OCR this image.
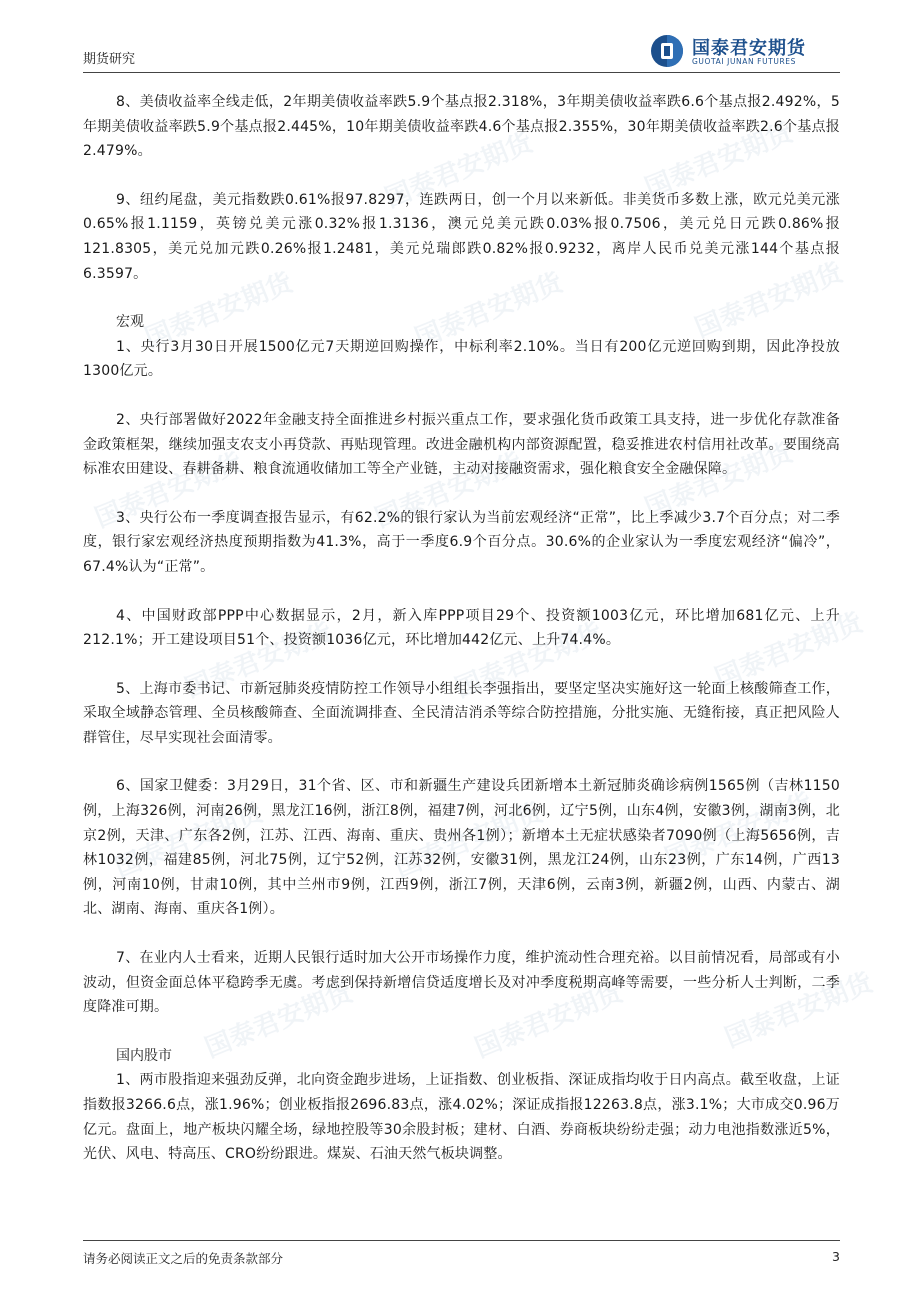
国泰君安期货	国泰君安期货
国泰君安期货	国泰君安期货	国泰君安期货
国泰君安期货	国泰君安期货	国泰君安期货
国泰君安期货	国泰君安期货	国泰君安期货
国泰君安期货	国泰君安期货	国泰君安期货
国泰君安期货	国泰君安期货	国泰君安期货
期货研究
国泰君安期货
GUOTAI JUNAN FUTURES

8、美债收益率全线走低，2年期美债收益率跌5.9个基点报2.318%，3年期美债收益率跌6.6个基点报2.492%，5年期美债收益率跌5.9个基点报2.445%，10年期美债收益率跌4.6个基点报2.355%，30年期美债收益率跌2.6个基点报2.479%。

9、纽约尾盘，美元指数跌0.61%报97.8297，连跌两日，创一个月以来新低。非美货币多数上涨，欧元兑美元涨0.65%报1.1159，英镑兑美元涨0.32%报1.3136，澳元兑美元跌0.03%报0.7506，美元兑日元跌0.86%报121.8305，美元兑加元跌0.26%报1.2481，美元兑瑞郎跌0.82%报0.9232，离岸人民币兑美元涨144个基点报6.3597。

宏观

1、央行3月30日开展1500亿元7天期逆回购操作，中标利率2.10%。当日有200亿元逆回购到期，因此净投放1300亿元。

2、央行部署做好2022年金融支持全面推进乡村振兴重点工作，要求强化货币政策工具支持，进一步优化存款准备金政策框架，继续加强支农支小再贷款、再贴现管理。改进金融机构内部资源配置，稳妥推进农村信用社改革。要围绕高标准农田建设、春耕备耕、粮食流通收储加工等全产业链，主动对接融资需求，强化粮食安全金融保障。

3、央行公布一季度调查报告显示，有62.2%的银行家认为当前宏观经济“正常”，比上季减少3.7个百分点；对二季度，银行家宏观经济热度预期指数为41.3%，高于一季度6.9个百分点。30.6%的企业家认为一季度宏观经济“偏冷”，67.4%认为“正常”。

4、中国财政部PPP中心数据显示，2月，新入库PPP项目29个、投资额1003亿元，环比增加681亿元、上升212.1%；开工建设项目51个、投资额1036亿元，环比增加442亿元、上升74.4%。

5、上海市委书记、市新冠肺炎疫情防控工作领导小组组长李强指出，要坚定坚决实施好这一轮面上核酸筛查工作，采取全域静态管理、全员核酸筛查、全面流调排查、全民清洁消杀等综合防控措施，分批实施、无缝衔接，真正把风险人群管住，尽早实现社会面清零。

6、国家卫健委：3月29日，31个省、区、市和新疆生产建设兵团新增本土新冠肺炎确诊病例1565例（吉林1150例，上海326例，河南26例，黑龙江16例，浙江8例，福建7例，河北6例，辽宁5例，山东4例，安徽3例，湖南3例，北京2例，天津、广东各2例，江苏、江西、海南、重庆、贵州各1例）；新增本土无症状感染者7090例（上海5656例，吉林1032例，福建85例，河北75例，辽宁52例，江苏32例，安徽31例，黑龙江24例，山东23例，广东14例，广西13例，河南10例，甘肃10例，其中兰州市9例，江西9例，浙江7例，天津6例，云南3例，新疆2例，山西、内蒙古、湖北、湖南、海南、重庆各1例）。

7、在业内人士看来，近期人民银行适时加大公开市场操作力度，维护流动性合理充裕。以目前情况看，局部或有小波动，但资金面总体平稳跨季无虞。考虑到保持新增信贷适度增长及对冲季度税期高峰等需要，一些分析人士判断，二季度降准可期。

国内股市

1、两市股指迎来强劲反弹，北向资金跑步进场，上证指数、创业板指、深证成指均收于日内高点。截至收盘，上证指数报3266.6点，涨1.96%；创业板指报2696.83点，涨4.02%；深证成指报12263.8点，涨3.1%；大市成交0.96万亿元。盘面上，地产板块闪耀全场，绿地控股等30余股封板；建材、白酒、券商板块纷纷走强；动力电池指数涨近5%，光伏、风电、特高压、CRO纷纷跟进。煤炭、石油天然气板块调整。

请务必阅读正文之后的免责条款部分	3
